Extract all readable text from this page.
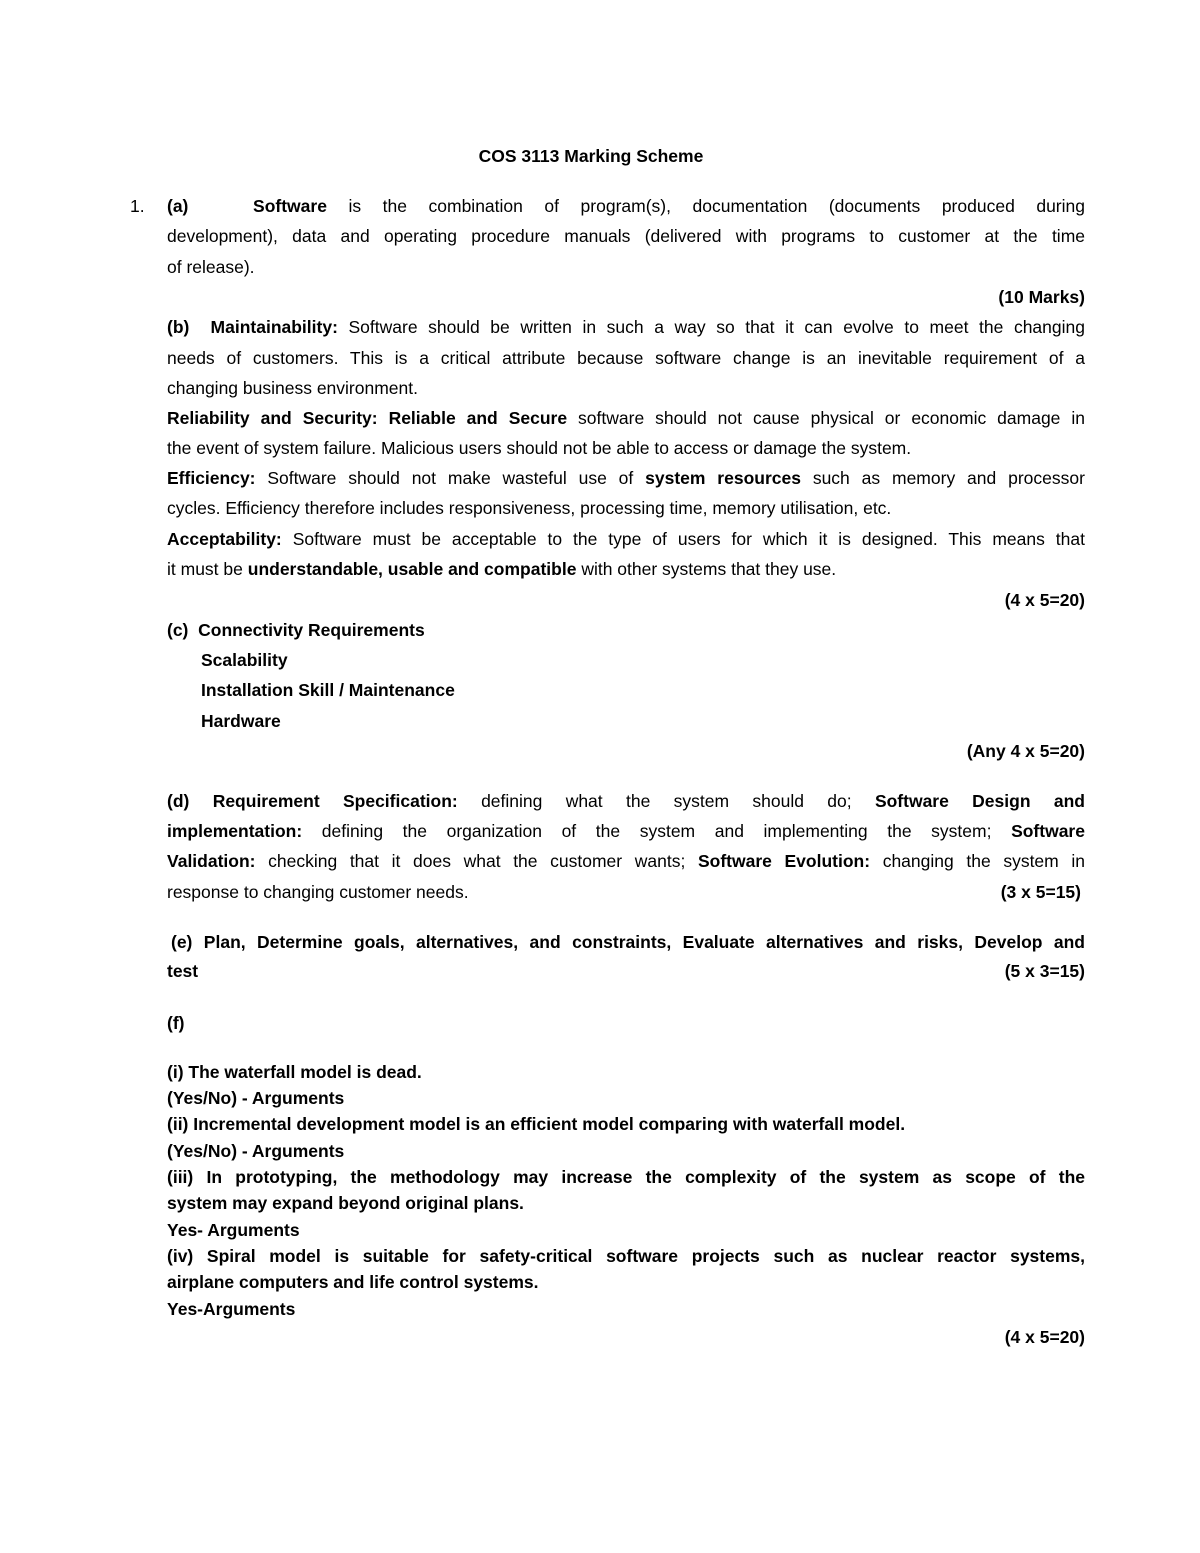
COS 3113 Marking Scheme
1.	(a)	Software is the combination of program(s), documentation (documents produced during
development), data and operating procedure manuals (delivered with programs to customer at the time
of release).
(10 Marks)
(b) Maintainability: Software should be written in such a way so that it can evolve to meet the changing
needs of customers. This is a critical attribute because software change is an inevitable requirement of a
changing business environment.
Reliability and Security: Reliable and Secure software should not cause physical or economic damage in
the event of system failure. Malicious users should not be able to access or damage the system.
Efficiency: Software should not make wasteful use of system resources such as memory and processor
cycles. Efficiency therefore includes responsiveness, processing time, memory utilisation, etc.
Acceptability: Software must be acceptable to the type of users for which it is designed. This means that
it must be understandable, usable and compatible with other systems that they use.
(4 x 5=20)
(c) Connectivity Requirements
Scalability
Installation Skill / Maintenance
Hardware
(Any 4 x 5=20)
(d) Requirement Specification: defining what the system should do; Software Design and
implementation: defining the organization of the system and implementing the system; Software
Validation: checking that it does what the customer wants; Software Evolution: changing the system in
response to changing customer needs.	(3 x 5=15)
(e) Plan, Determine goals, alternatives, and constraints, Evaluate alternatives and risks, Develop and
test	(5 x 3=15)
(f)
(i) The waterfall model is dead.
(Yes/No) - Arguments
(ii) Incremental development model is an efficient model comparing with waterfall model.
(Yes/No) - Arguments
(iii) In prototyping, the methodology may increase the complexity of the system as scope of the
system may expand beyond original plans.
Yes- Arguments
(iv) Spiral model is suitable for safety-critical software projects such as nuclear reactor systems,
airplane computers and life control systems.
Yes-Arguments
(4 x 5=20)
